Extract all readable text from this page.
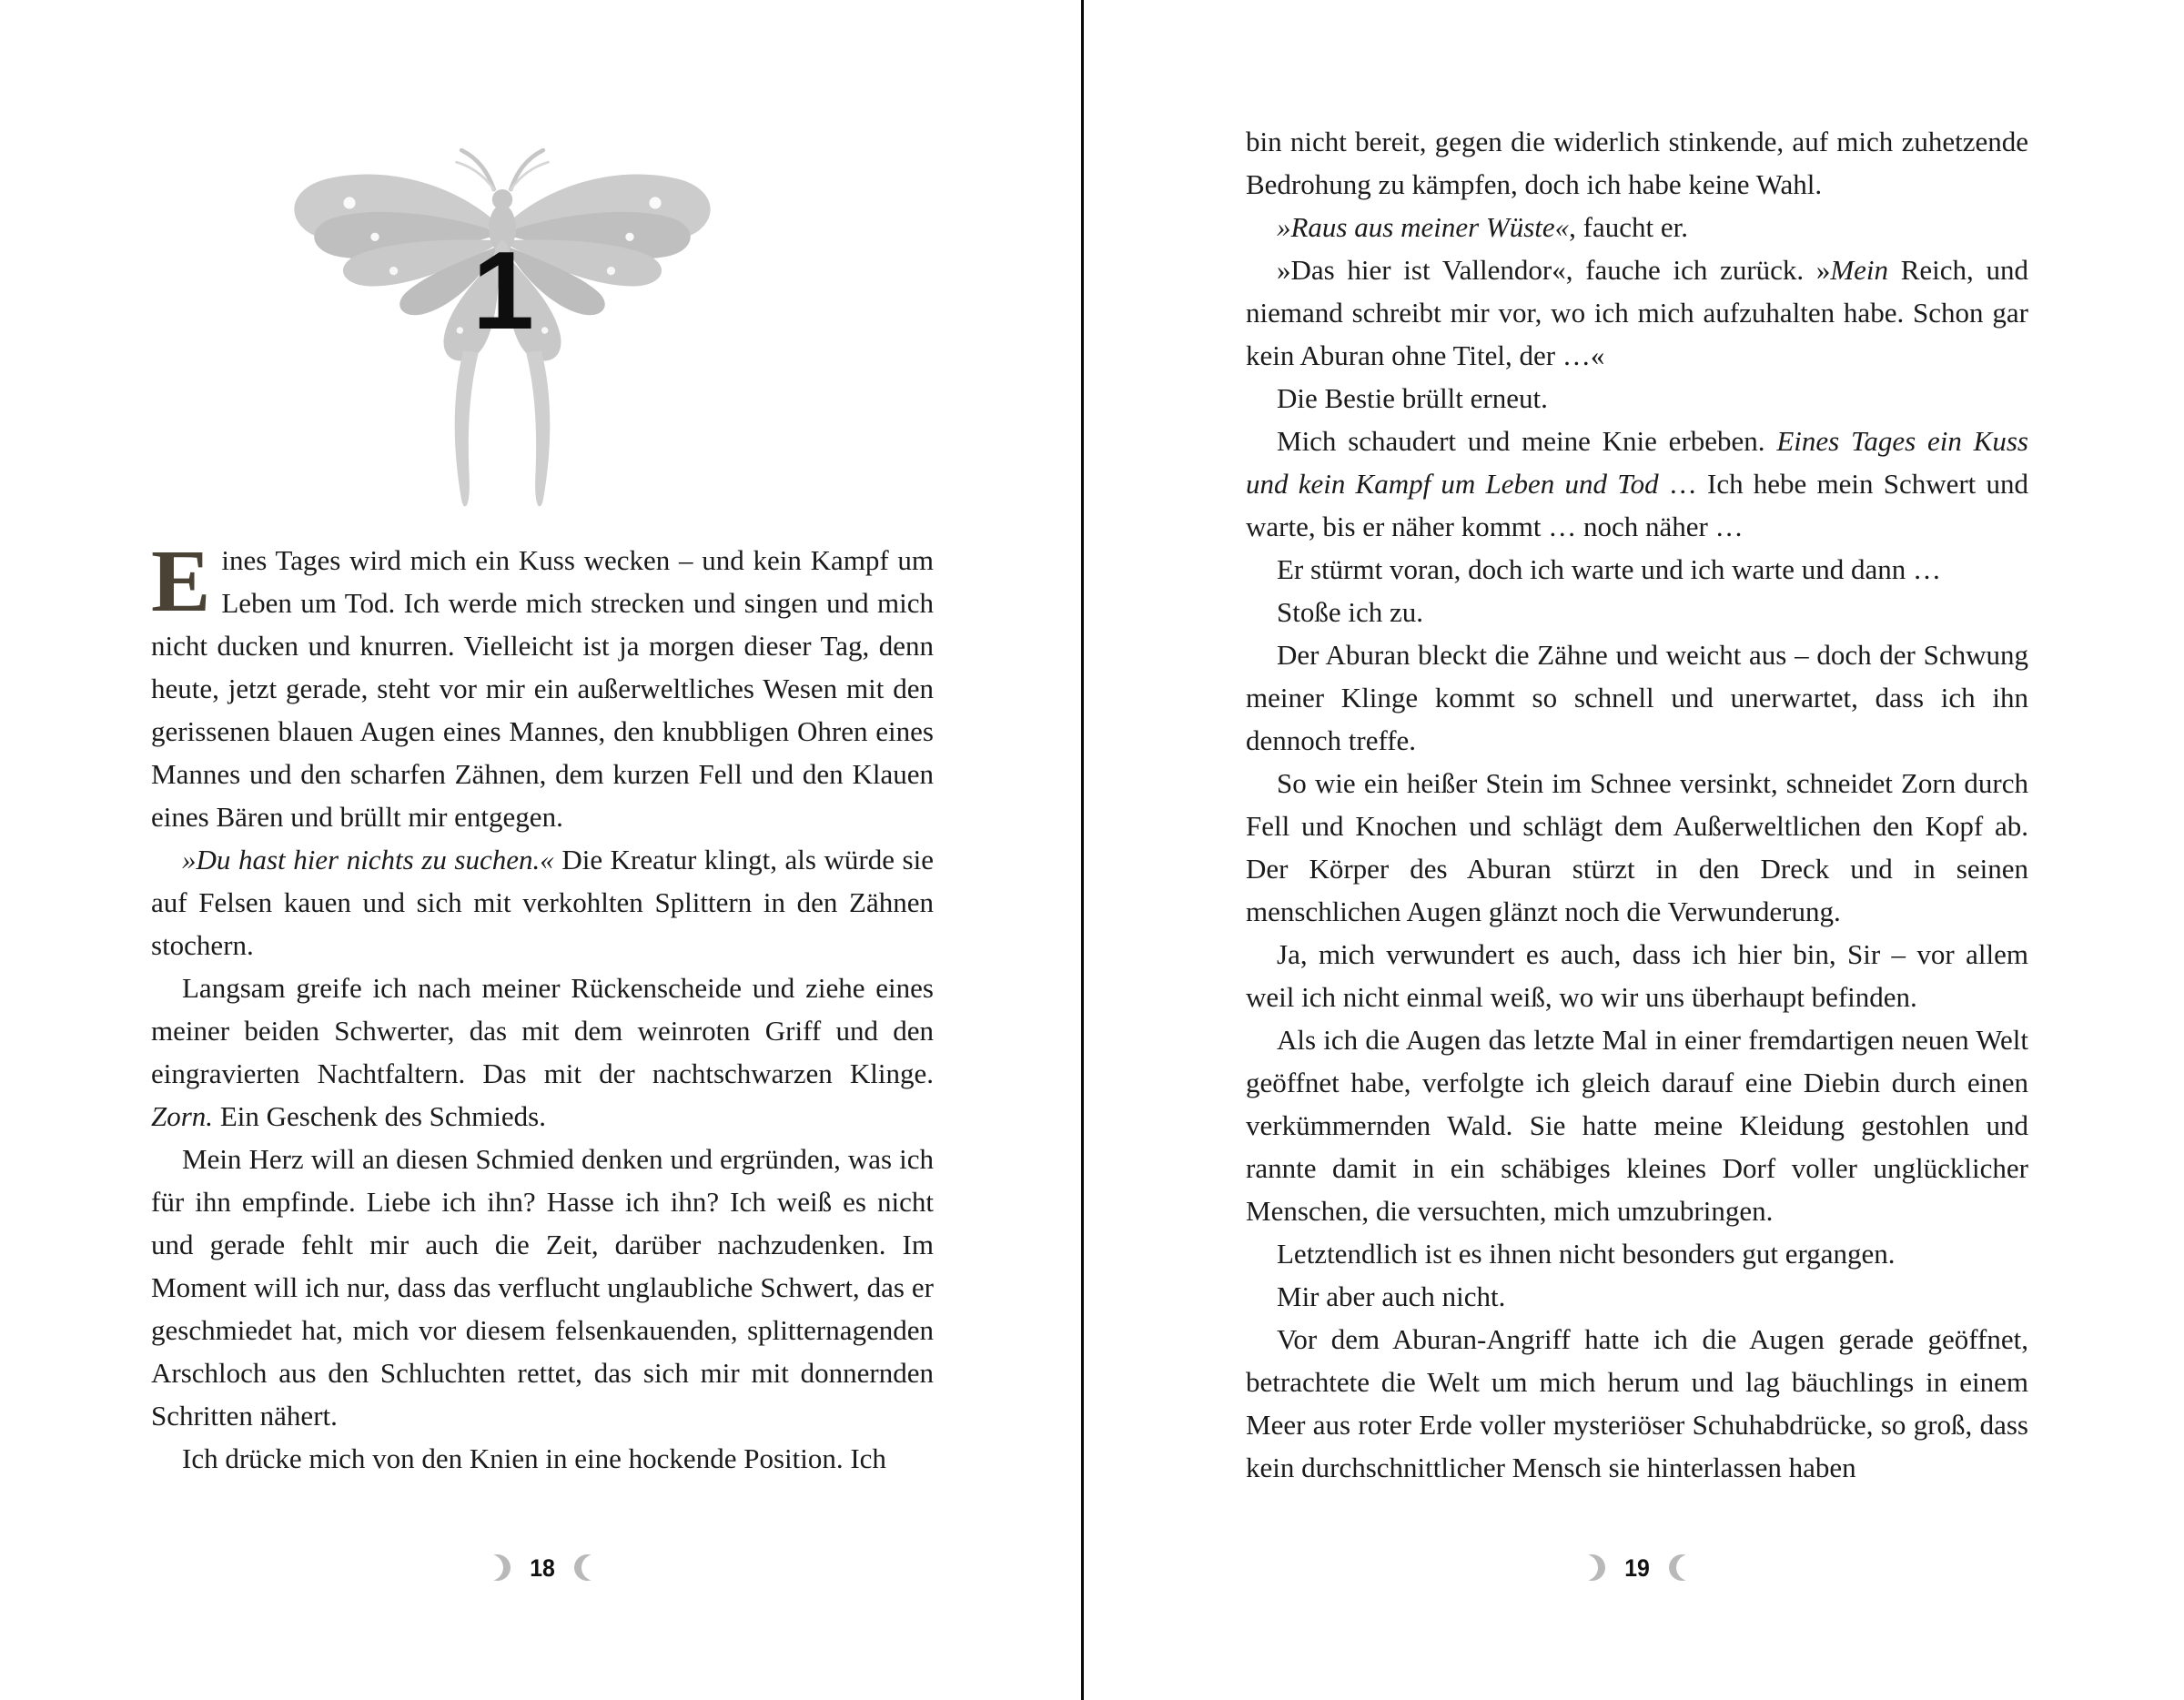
1

Eines Tages wird mich ein Kuss wecken – und kein Kampf um Leben um Tod. Ich werde mich strecken und singen und mich nicht ducken und knurren. Vielleicht ist ja morgen dieser Tag, denn heute, jetzt gerade, steht vor mir ein außerweltliches Wesen mit den gerissenen blauen Augen eines Mannes, den knubbligen Ohren eines Mannes und den scharfen Zähnen, dem kurzen Fell und den Klauen eines Bären und brüllt mir entgegen.

»Du hast hier nichts zu suchen.« Die Kreatur klingt, als würde sie auf Felsen kauen und sich mit verkohlten Splittern in den Zähnen stochern.

Langsam greife ich nach meiner Rückenscheide und ziehe eines meiner beiden Schwerter, das mit dem weinroten Griff und den eingravierten Nachtfaltern. Das mit der nachtschwarzen Klinge. Zorn. Ein Geschenk des Schmieds.

Mein Herz will an diesen Schmied denken und ergründen, was ich für ihn empfinde. Liebe ich ihn? Hasse ich ihn? Ich weiß es nicht und gerade fehlt mir auch die Zeit, darüber nachzudenken. Im Moment will ich nur, dass das verflucht unglaubliche Schwert, das er geschmiedet hat, mich vor diesem felsenkauenden, splitternagenden Arschloch aus den Schluchten rettet, das sich mir mit donnernden Schritten nähert.

Ich drücke mich von den Knien in eine hockende Position. Ich

18

bin nicht bereit, gegen die widerlich stinkende, auf mich zuhetzende Bedrohung zu kämpfen, doch ich habe keine Wahl.

»Raus aus meiner Wüste«, faucht er.

»Das hier ist Vallendor«, fauche ich zurück. »Mein Reich, und niemand schreibt mir vor, wo ich mich aufzuhalten habe. Schon gar kein Aburan ohne Titel, der …«

Die Bestie brüllt erneut.

Mich schaudert und meine Knie erbeben. Eines Tages ein Kuss und kein Kampf um Leben und Tod … Ich hebe mein Schwert und warte, bis er näher kommt … noch näher …

Er stürmt voran, doch ich warte und ich warte und dann …

Stoße ich zu.

Der Aburan bleckt die Zähne und weicht aus – doch der Schwung meiner Klinge kommt so schnell und unerwartet, dass ich ihn dennoch treffe.

So wie ein heißer Stein im Schnee versinkt, schneidet Zorn durch Fell und Knochen und schlägt dem Außerweltlichen den Kopf ab. Der Körper des Aburan stürzt in den Dreck und in seinen menschlichen Augen glänzt noch die Verwunderung.

Ja, mich verwundert es auch, dass ich hier bin, Sir – vor allem weil ich nicht einmal weiß, wo wir uns überhaupt befinden.

Als ich die Augen das letzte Mal in einer fremdartigen neuen Welt geöffnet habe, verfolgte ich gleich darauf eine Diebin durch einen verkümmernden Wald. Sie hatte meine Kleidung gestohlen und rannte damit in ein schäbiges kleines Dorf voller unglücklicher Menschen, die versuchten, mich umzubringen.

Letztendlich ist es ihnen nicht besonders gut ergangen.

Mir aber auch nicht.

Vor dem Aburan-Angriff hatte ich die Augen gerade geöffnet, betrachtete die Welt um mich herum und lag bäuchlings in einem Meer aus roter Erde voller mysteriöser Schuhabdrücke, so groß, dass kein durchschnittlicher Mensch sie hinterlassen haben

19
